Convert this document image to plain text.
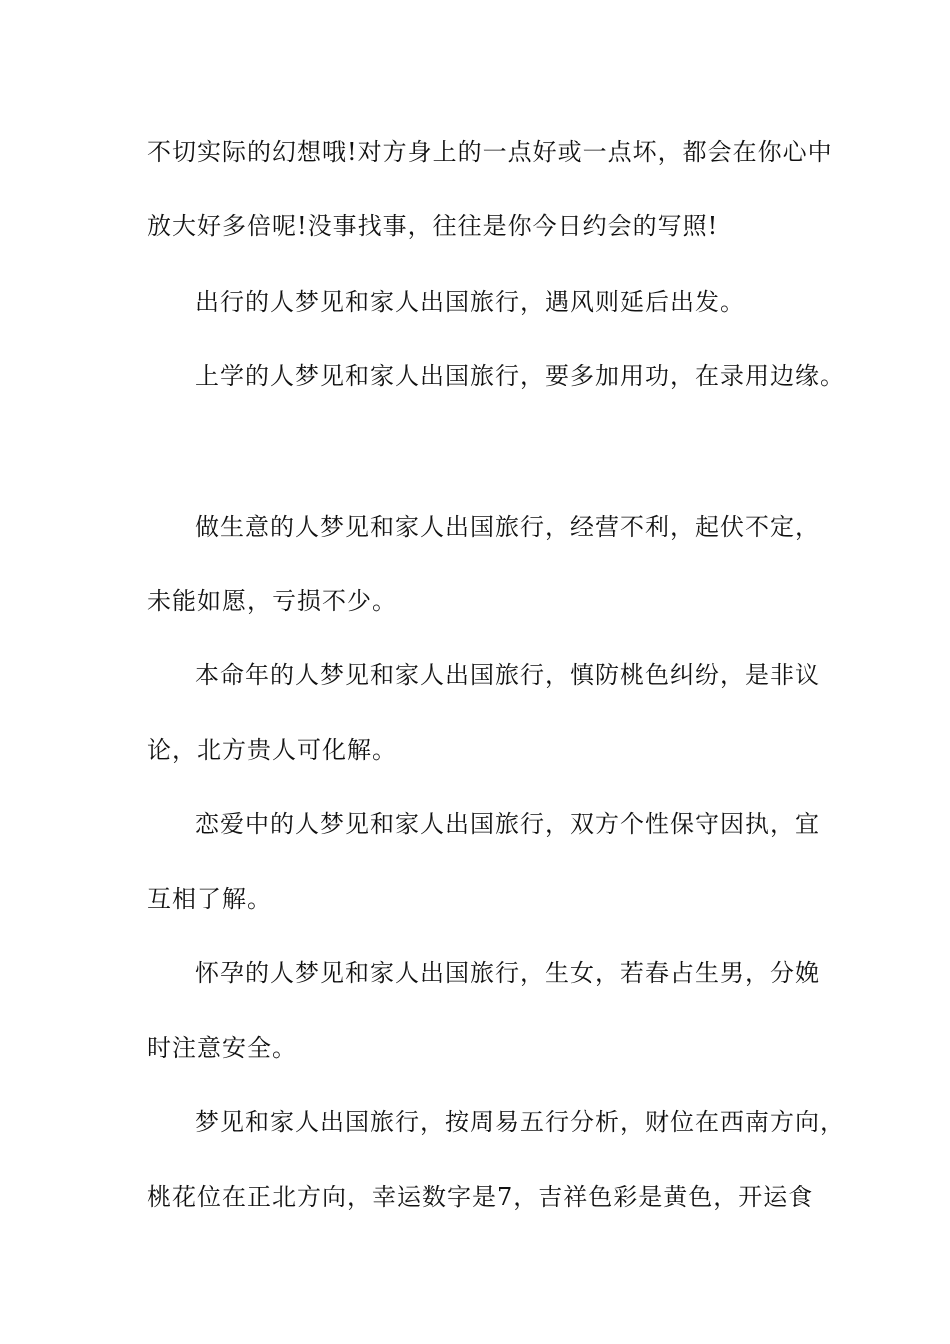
不切实际的幻想哦!对方身上的一点好或一点坏，都会在你心中
放大好多倍呢!没事找事，往往是你今日约会的写照!
出行的人梦见和家人出国旅行，遇风则延后出发。
上学的人梦见和家人出国旅行，要多加用功，在录用边缘。
做生意的人梦见和家人出国旅行，经营不利，起伏不定，
未能如愿，亏损不少。
本命年的人梦见和家人出国旅行，慎防桃色纠纷，是非议
论，北方贵人可化解。
恋爱中的人梦见和家人出国旅行，双方个性保守因执，宜
互相了解。
怀孕的人梦见和家人出国旅行，生女，若春占生男，分娩
时注意安全。
梦见和家人出国旅行，按周易五行分析，财位在西南方向，
桃花位在正北方向，幸运数字是7，吉祥色彩是黄色，开运食
